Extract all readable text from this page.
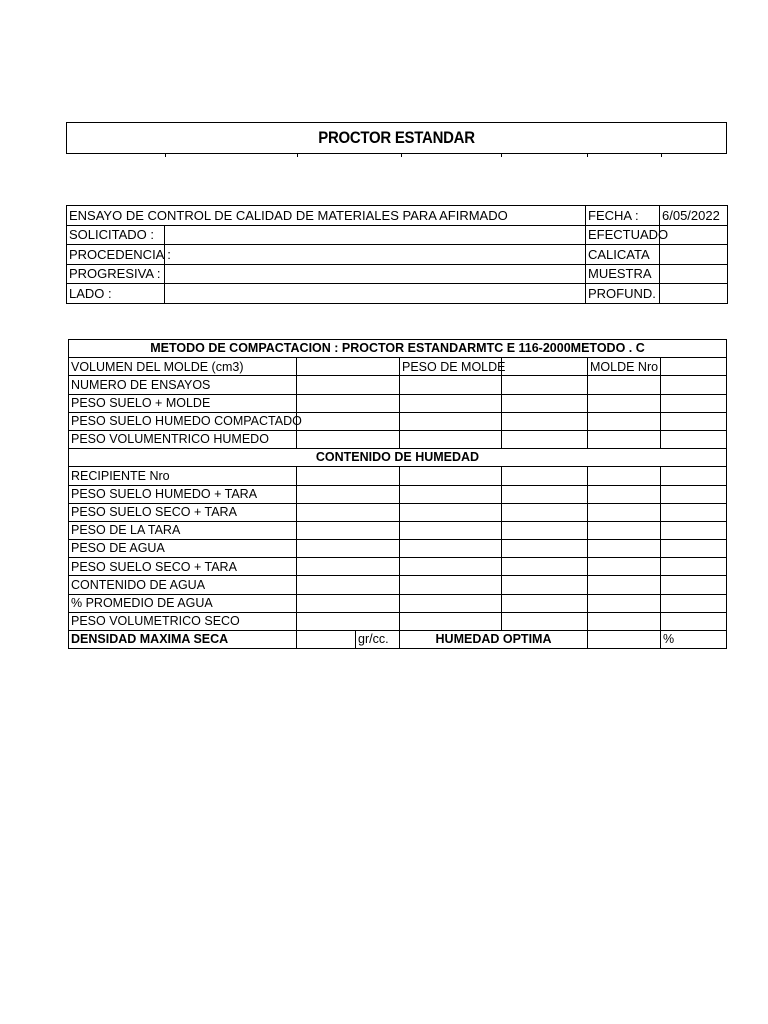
PROCTOR ESTANDAR
ENSAYO DE CONTROL DE CALIDAD DE MATERIALES PARA AFIRMADO			FECHA :	6/05/2022
SOLICITADO :			EFECTUADO	
PROCEDENCIA :			CALICATA	
PROGRESIVA :			MUESTRA	
LADO :			PROFUND.	
METODO DE COMPACTACION : PROCTOR ESTANDARMTC E 116-2000METODO . C						
VOLUMEN DEL MOLDE (cm3)			PESO DE MOLDE		MOLDE Nro	
NUMERO DE ENSAYOS						
PESO SUELO + MOLDE						
PESO SUELO HUMEDO COMPACTADO						
PESO VOLUMENTRICO HUMEDO						
CONTENIDO DE HUMEDAD						
RECIPIENTE Nro						
PESO SUELO HUMEDO + TARA						
PESO SUELO SECO + TARA						
PESO DE LA TARA						
PESO DE AGUA						
PESO SUELO SECO + TARA						
CONTENIDO DE AGUA						
% PROMEDIO DE AGUA						
PESO VOLUMETRICO SECO						
DENSIDAD MAXIMA SECA		gr/cc.	HUMEDAD OPTIMA			%
